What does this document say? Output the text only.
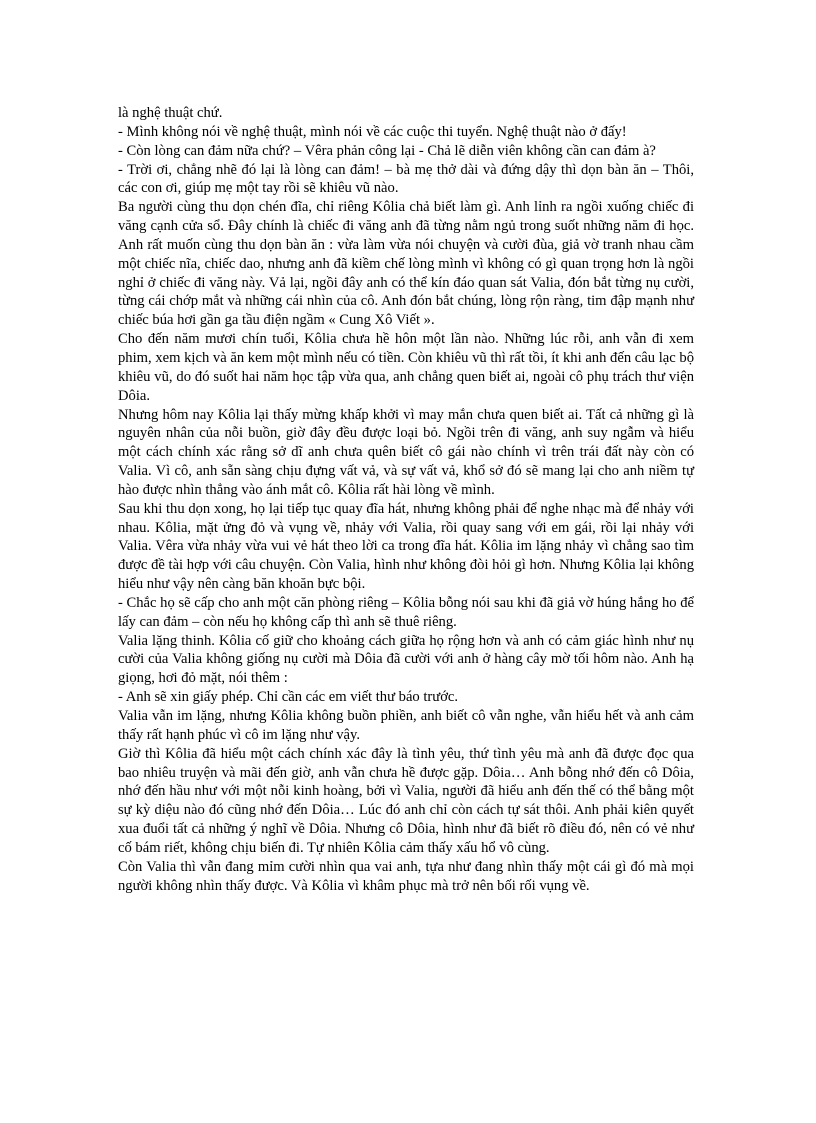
là nghệ thuật chứ.

- Mình không nói về nghệ thuật, mình nói về các cuộc thi tuyển. Nghệ thuật nào ở đấy!

- Còn lòng can đảm nữa chứ? – Vêra phản công lại - Chả lẽ diễn viên không cần can đảm à?

- Trời ơi, chẳng nhẽ đó lại là lòng can đảm! – bà mẹ thở dài và đứng dậy thì dọn bàn ăn – Thôi, các con ơi, giúp mẹ một tay rồi sẽ khiêu vũ nào.

Ba người cùng thu dọn chén đĩa, chỉ riêng Kôlia chả biết làm gì. Anh lỉnh ra ngồi xuống chiếc đi văng cạnh cửa sổ. Đây chính là chiếc đi văng anh đã từng nằm ngủ trong suốt những năm đi học. Anh rất muốn cùng thu dọn bàn ăn : vừa làm vừa nói chuyện và cười đùa, giả vờ tranh nhau cầm một chiếc nĩa, chiếc dao, nhưng anh đã kiềm chế lòng mình vì không có gì quan trọng hơn là ngồi nghỉ ở chiếc đi văng này. Vả lại, ngồi đây anh có thể kín đáo quan sát Valia, đón bắt từng nụ cười, từng cái chớp mắt và những cái nhìn của cô. Anh đón bắt chúng, lòng rộn ràng, tim đập mạnh như chiếc búa hơi gần ga tầu điện ngầm « Cung Xô Viết ».

Cho đến năm mươi chín tuổi, Kôlia chưa hề hôn một lần nào. Những lúc rỗi, anh vẫn đi xem phim, xem kịch và ăn kem một mình nếu có tiền. Còn khiêu vũ thì rất tồi, ít khi anh đến câu lạc bộ khiêu vũ, do đó suốt hai năm học tập vừa qua, anh chẳng quen biết ai, ngoài cô phụ trách thư viện Dôia.

Nhưng hôm nay Kôlia lại thấy mừng khấp khởi vì may mắn chưa quen biết ai. Tất cả những gì là nguyên nhân của nỗi buồn, giờ đây đều được loại bỏ. Ngồi trên đi văng, anh suy ngẫm và hiểu một cách chính xác rằng sở dĩ anh chưa quên biết cô gái nào chính vì trên trái đất này còn có Valia. Vì cô, anh sẵn sàng chịu đựng vất vả, và sự vất vả, khổ sở đó sẽ mang lại cho anh niềm tự hào được nhìn thẳng vào ánh mắt cô. Kôlia rất hài lòng về mình.

Sau khi thu dọn xong, họ lại tiếp tục quay đĩa hát, nhưng không phải để nghe nhạc mà để nhảy với nhau. Kôlia, mặt ửng đỏ và vụng về, nhảy với Valia, rồi quay sang với em gái, rồi lại nhảy với Valia. Vêra vừa nhảy vừa vui vẻ hát theo lời ca trong đĩa hát. Kôlia im lặng nhảy vì chẳng sao tìm được đề tài hợp với câu chuyện. Còn Valia, hình như không đòi hỏi gì hơn. Nhưng Kôlia lại không hiểu như vậy nên càng băn khoăn bực bội.

- Chắc họ sẽ cấp cho anh một căn phòng riêng – Kôlia bỗng nói sau khi đã giả vờ húng hắng ho để lấy can đảm – còn nếu họ không cấp thì anh sẽ thuê riêng.

Valia lặng thinh. Kôlia cố giữ cho khoảng cách giữa họ rộng hơn và anh có cảm giác hình như nụ cười của Valia không giống nụ cười mà Dôia đã cười với anh ở hàng cây mờ tối hôm nào. Anh hạ giọng, hơi đỏ mặt, nói thêm :

- Anh sẽ xin giấy phép. Chỉ cần các em viết thư báo trước.

Valia vẫn im lặng, nhưng Kôlia không buồn phiền, anh biết cô vẫn nghe, vẫn hiểu hết và anh cảm thấy rất hạnh phúc vì cô im lặng như vậy.

Giờ thì Kôlia đã hiểu một cách chính xác đây là tình yêu, thứ tình yêu mà anh đã được đọc qua bao nhiêu truyện và mãi đến giờ, anh vẫn chưa hề được gặp. Dôia… Anh bỗng nhớ đến cô Dôia, nhớ đến hầu như với một nỗi kinh hoàng, bởi vì Valia, người đã hiểu anh đến thế có thể bằng một sự kỳ diệu nào đó cũng nhớ đến Dôia… Lúc đó anh chỉ còn cách tự sát thôi. Anh phải kiên quyết xua đuổi tất cả những ý nghĩ về Dôia. Nhưng cô Dôia, hình như đã biết rõ điều đó, nên có vẻ như cố bám riết, không chịu biến đi. Tự nhiên Kôlia cảm thấy xấu hổ vô cùng.

Còn Valia thì vẫn đang mỉm cười nhìn qua vai anh, tựa như đang nhìn thấy một cái gì đó mà mọi người không nhìn thấy được. Và Kôlia vì khâm phục mà trở nên bối rối vụng về.
